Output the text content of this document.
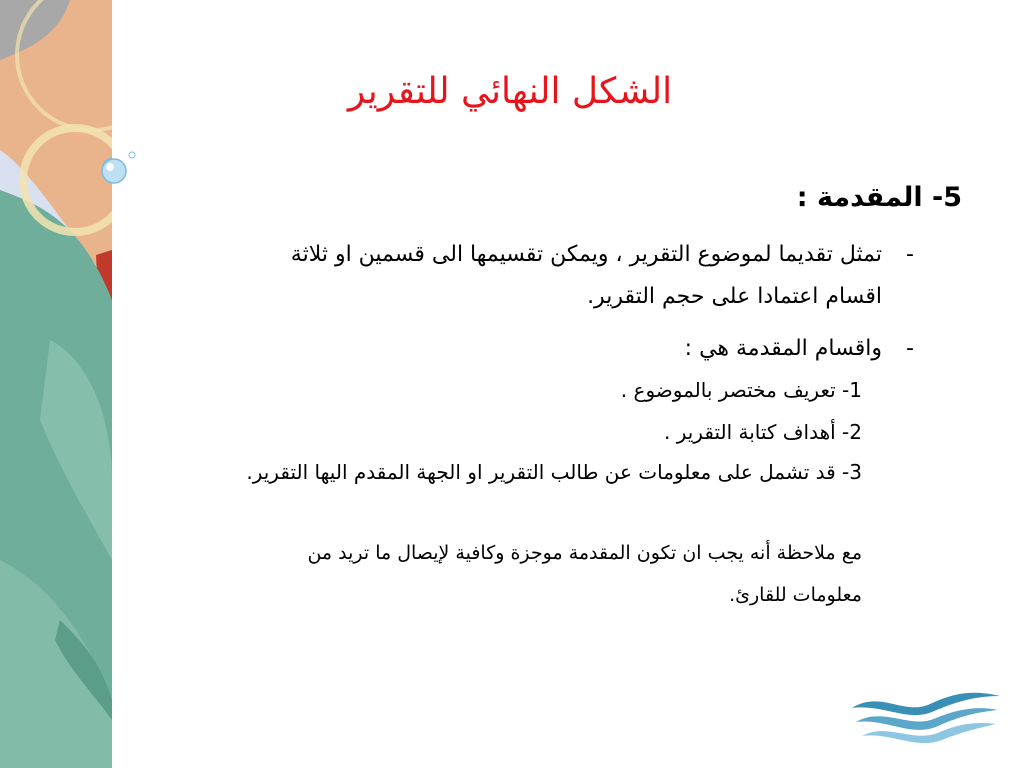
الشكل النهائي للتقرير
5- المقدمة :
-
تمثل تقديما لموضوع التقرير ، ويمكن تقسيمها الى قسمين او ثلاثة
اقسام اعتمادا على حجم التقرير.
-
واقسام المقدمة هي :
1- تعريف مختصر بالموضوع .
2- أهداف كتابة التقرير .
3- قد تشمل على معلومات عن طالب التقرير او الجهة المقدم اليها التقرير.
مع ملاحظة أنه يجب ان تكون المقدمة موجزة وكافية لإيصال ما تريد من
معلومات للقارئ.
